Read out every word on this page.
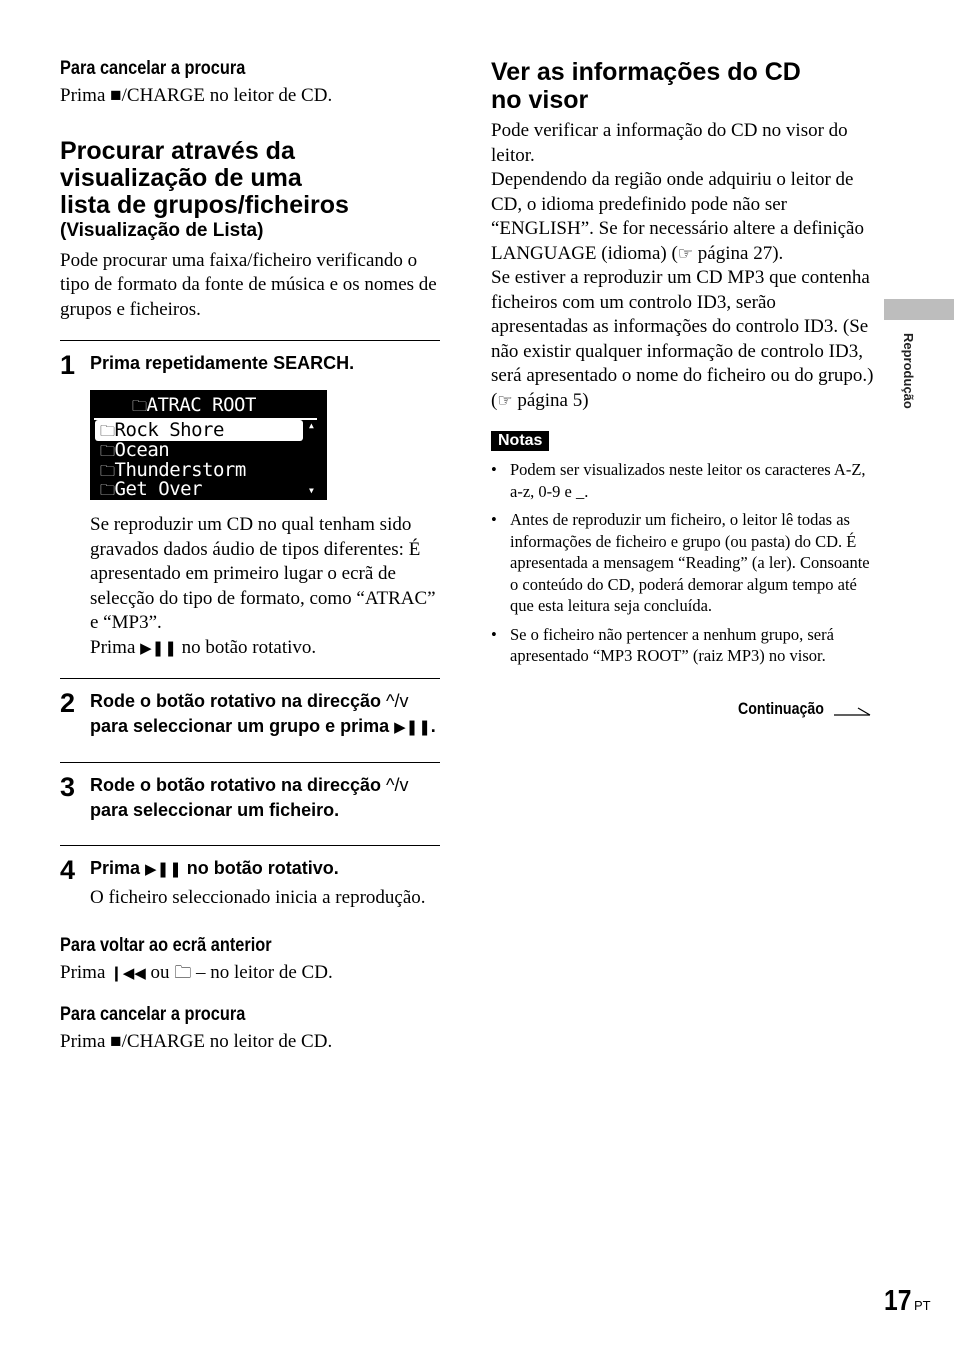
Para cancelar a procura

Prima ■/CHARGE no leitor de CD.

Procurar através da

visualização de uma

lista de grupos/ficheiros

(Visualização de Lista)

Pode procurar uma faixa/ficheiro verificando o tipo de formato da fonte de música e os nomes de grupos e ficheiros.

1 Prima repetidamente SEARCH.

🗀ATRAC ROOT
🗀Rock Shore	▲
🗀Ocean
🗀Thunderstorm
🗀Get Over	▼

Se reproduzir um CD no qual tenham sido gravados dados áudio de tipos diferentes: É apresentado em primeiro lugar o ecrã de selecção do tipo de formato, como “ATRAC” e “MP3”.

Prima ▶❚❚ no botão rotativo.

2 Rode o botão rotativo na direcção ^/v para seleccionar um grupo e prima ▶❚❚.

3 Rode o botão rotativo na direcção ^/v para seleccionar um ficheiro.

4 Prima ▶❚❚ no botão rotativo.

O ficheiro seleccionado inicia a reprodução.

Para voltar ao ecrã anterior

Prima ❙◀◀ ou 🗀 – no leitor de CD.

Para cancelar a procura

Prima ■/CHARGE no leitor de CD.

Ver as informações do CD

no visor

Pode verificar a informação do CD no visor do leitor.

Dependendo da região onde adquiriu o leitor de CD, o idioma predefinido pode não ser “ENGLISH”. Se for necessário altere a definição LANGUAGE (idioma) (☞ página 27).

Se estiver a reproduzir um CD MP3 que contenha ficheiros com um controlo ID3, serão apresentadas as informações do controlo ID3. (Se não existir qualquer informação de controlo ID3, será apresentado o nome do ficheiro ou do grupo.) (☞ página 5)

Notas
• Podem ser visualizados neste leitor os caracteres A-Z, a-z, 0-9 e _.
• Antes de reproduzir um ficheiro, o leitor lê todas as informações de ficheiro e grupo (ou pasta) do CD. É apresentada a mensagem “Reading” (a ler). Consoante o conteúdo do CD, poderá demorar algum tempo até que esta leitura seja concluída.
• Se o ficheiro não pertencer a nenhum grupo, será apresentado “MP3 ROOT” (raiz MP3) no visor.
Continuação
Reprodução
17 PT
